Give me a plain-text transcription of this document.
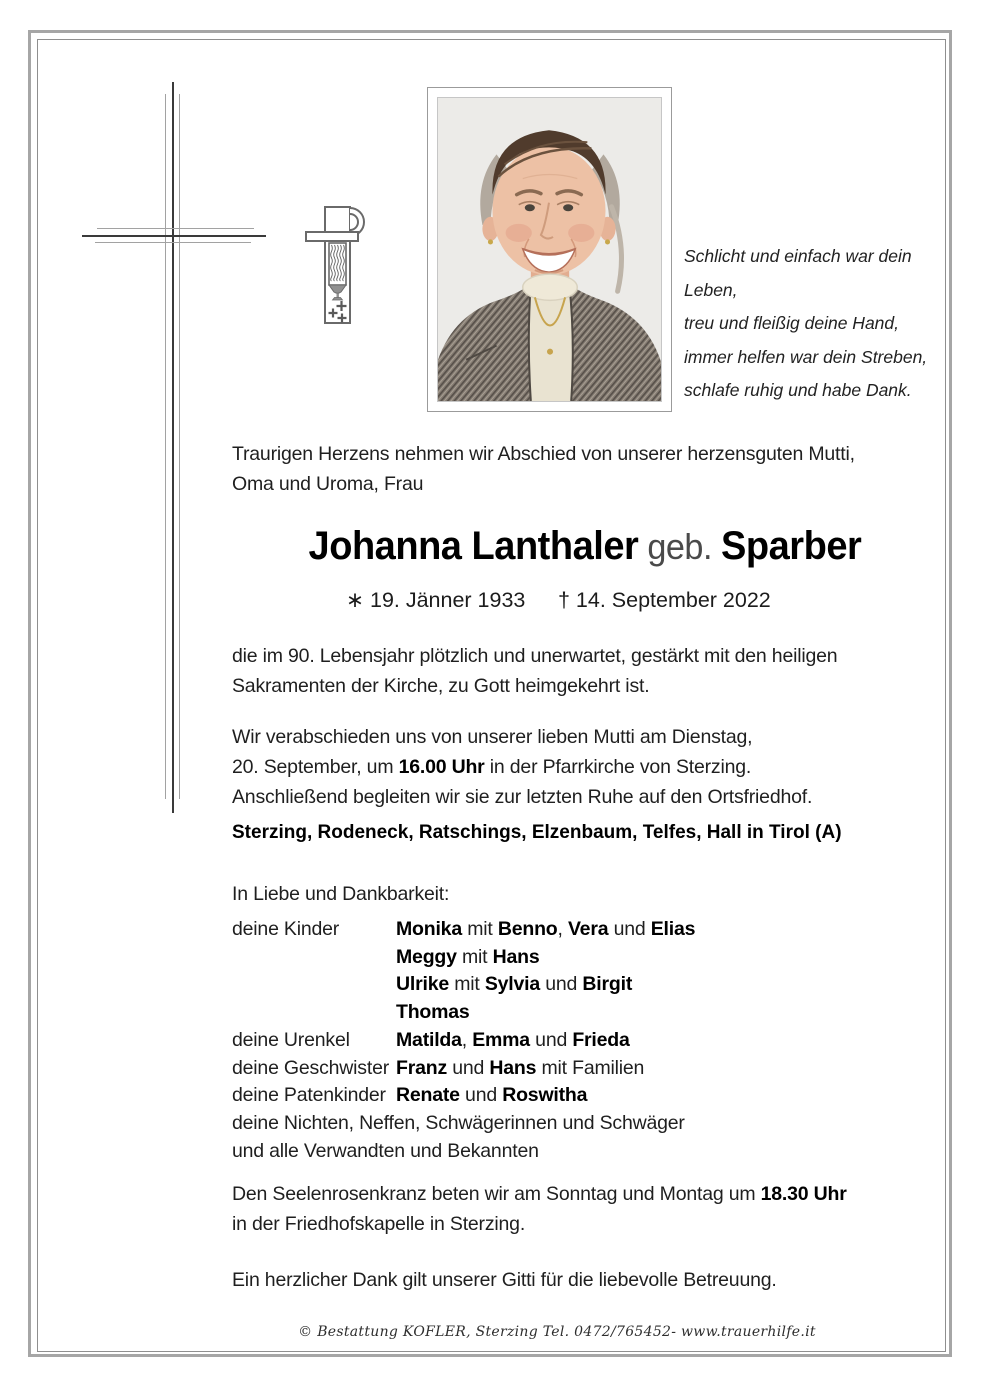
Schlicht und einfach war dein Leben,
treu und fleißig deine Hand,
immer helfen war dein Streben,
schlafe ruhig und habe Dank.
Traurigen Herzens nehmen wir Abschied von unserer herzensguten Mutti,
Oma und Uroma, Frau
Johanna Lanthaler geb. Sparber
∗ 19. Jänner 1933 † 14. September 2022
die im 90. Lebensjahr plötzlich und unerwartet, gestärkt mit den heiligen
Sakramenten der Kirche, zu Gott heimgekehrt ist.
Wir verabschieden uns von unserer lieben Mutti am Dienstag,
20. September, um 16.00 Uhr in der Pfarrkirche von Sterzing.
Anschließend begleiten wir sie zur letzten Ruhe auf den Ortsfriedhof.
Sterzing, Rodeneck, Ratschings, Elzenbaum, Telfes, Hall in Tirol (A)
In Liebe und Dankbarkeit:
deine Kinder	Monika mit Benno, Vera und Elias
Meggy mit Hans
Ulrike mit Sylvia und Birgit
Thomas
deine Urenkel Matilda, Emma und Frieda
deine Geschwister Franz und Hans mit Familien
deine Patenkinder Renate und Roswitha
deine Nichten, Neffen, Schwägerinnen und Schwäger
und alle Verwandten und Bekannten
Den Seelenrosenkranz beten wir am Sonntag und Montag um 18.30 Uhr
in der Friedhofskapelle in Sterzing.
Ein herzlicher Dank gilt unserer Gitti für die liebevolle Betreuung.
© Bestattung KOFLER, Sterzing Tel. 0472/765452- www.trauerhilfe.it
